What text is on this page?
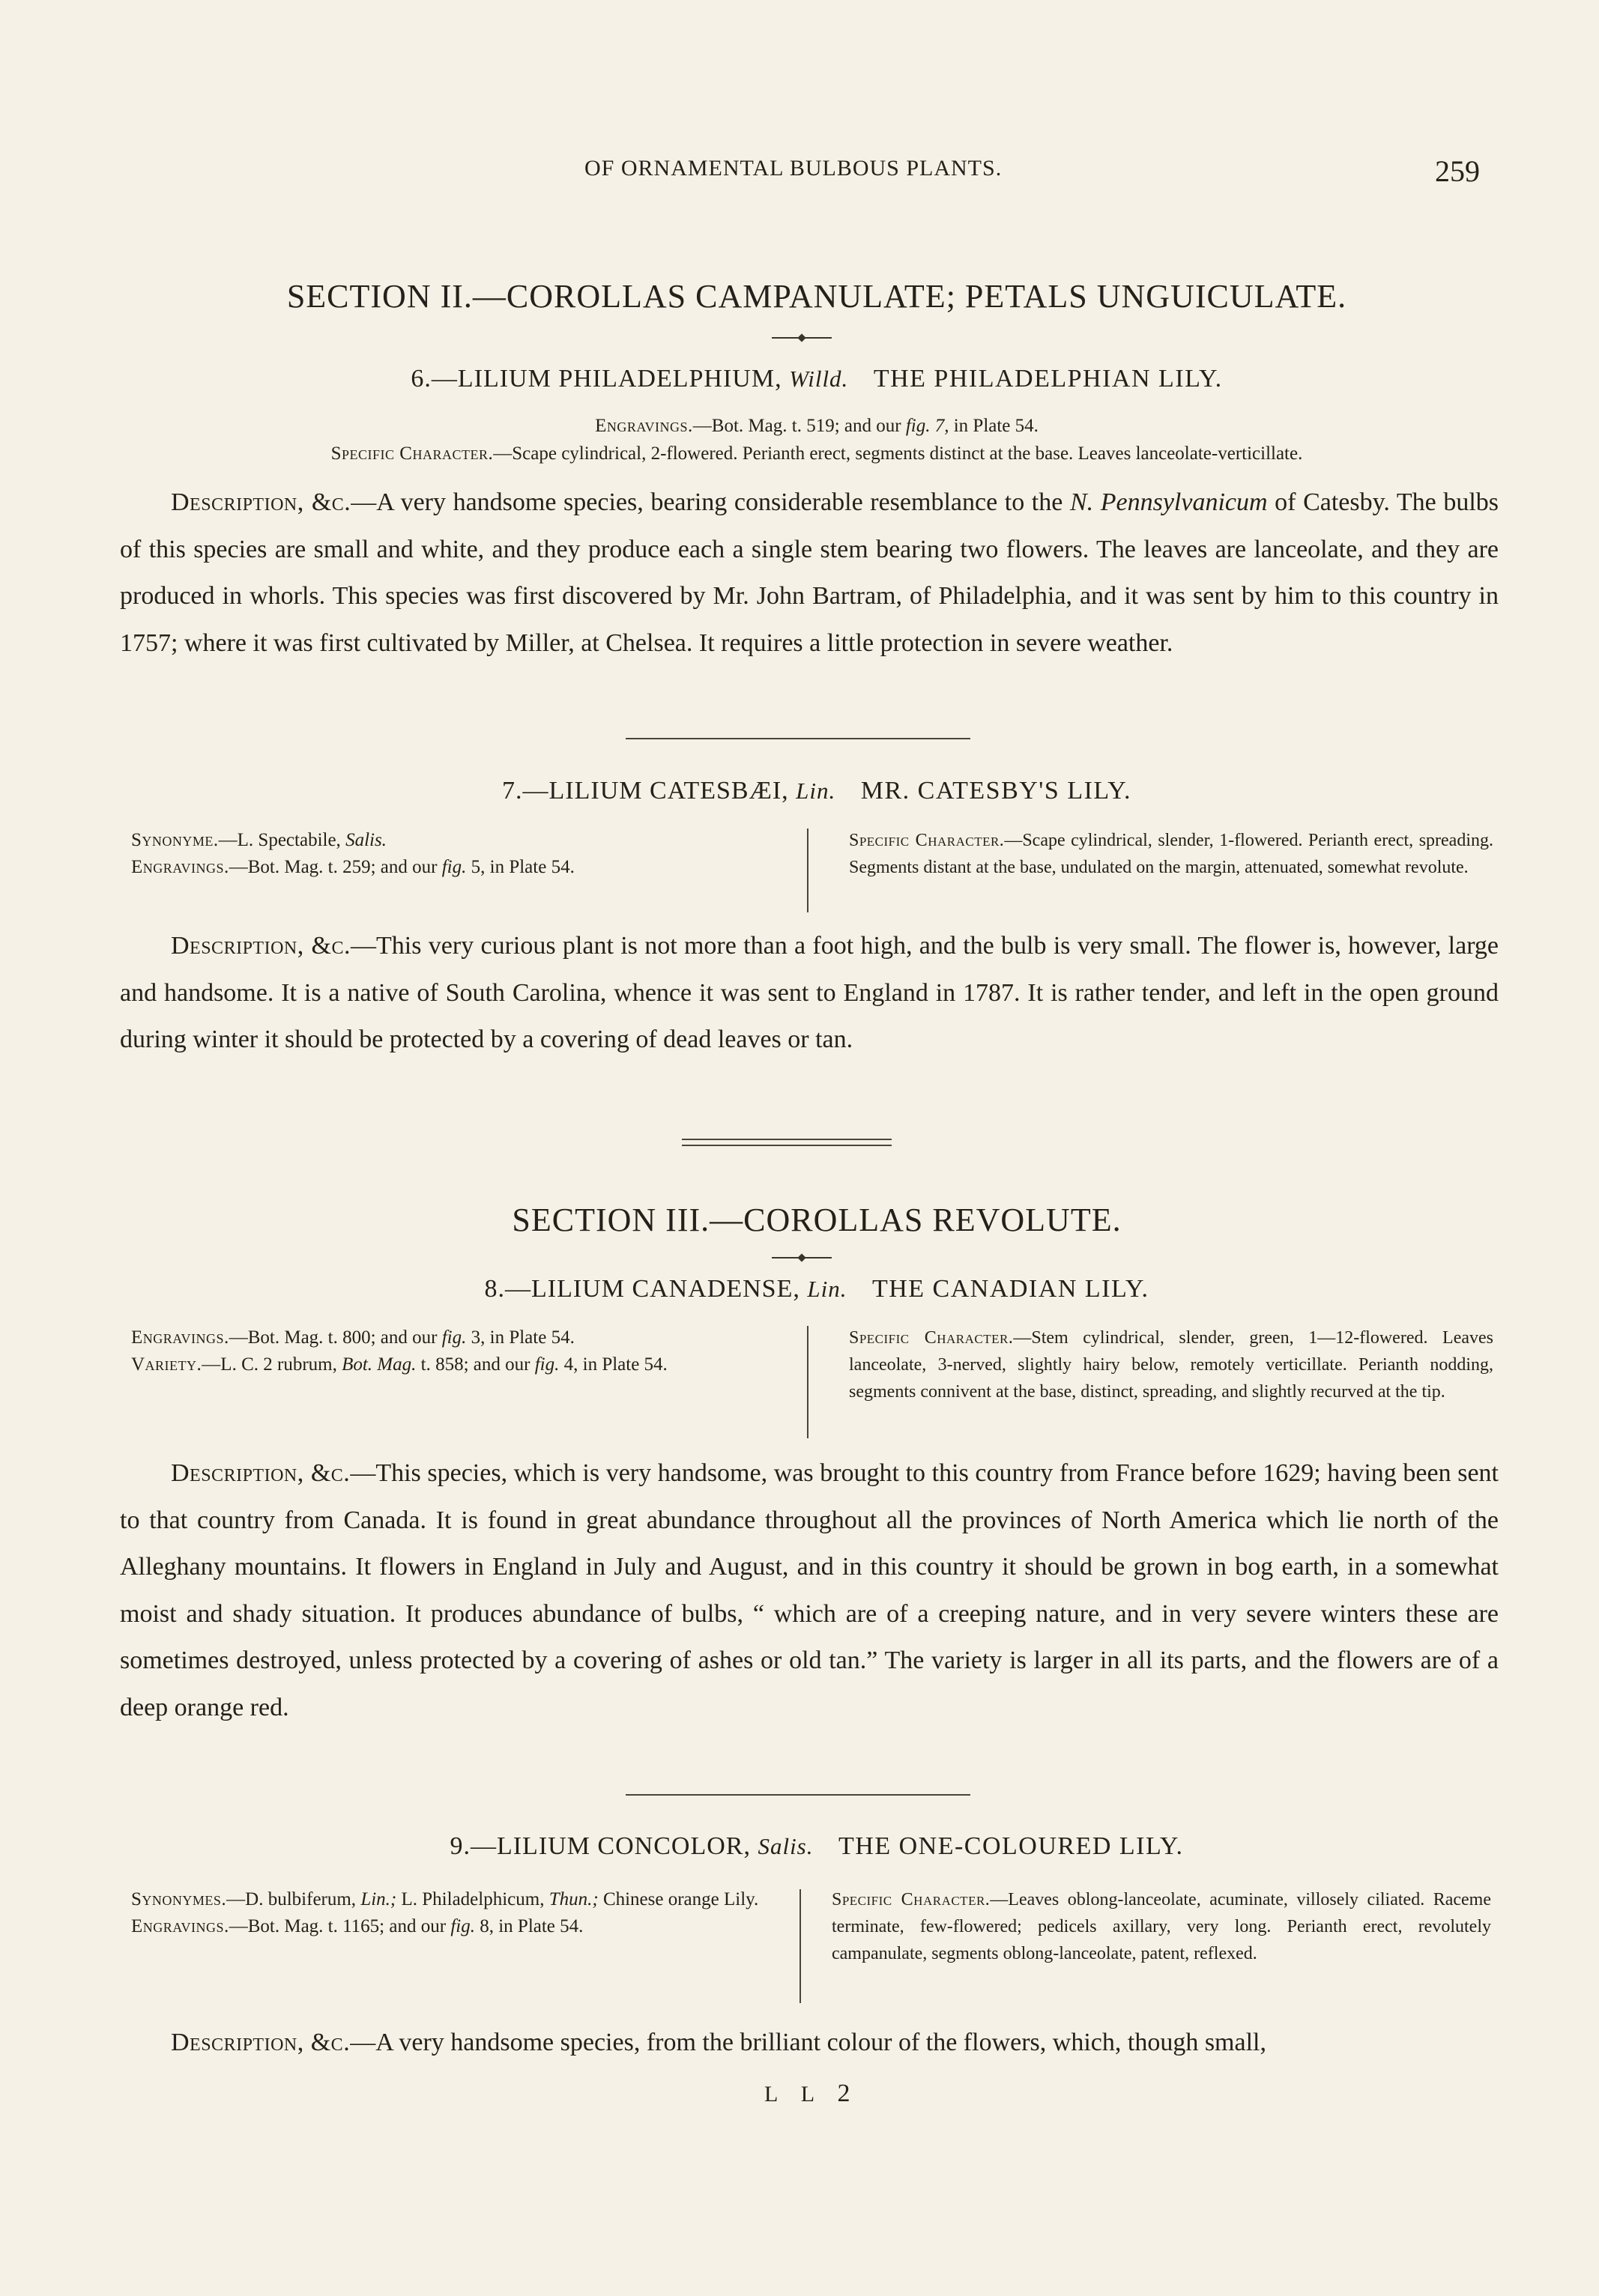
OF ORNAMENTAL BULBOUS PLANTS.	259
SECTION II.—COROLLAS CAMPANULATE; PETALS UNGUICULATE.
6.—LILIUM PHILADELPHIUM, Willd. THE PHILADELPHIAN LILY.
Engravings.—Bot. Mag. t. 519; and our fig. 7, in Plate 54.
Specific Character.—Scape cylindrical, 2-flowered. Perianth erect, segments distinct at the base. Leaves lanceolate-verticillate.
Description, &c.—A very handsome species, bearing considerable resemblance to the N. Pennsylvanicum of Catesby. The bulbs of this species are small and white, and they produce each a single stem bearing two flowers. The leaves are lanceolate, and they are produced in whorls. This species was first discovered by Mr. John Bartram, of Philadelphia, and it was sent by him to this country in 1757; where it was first cultivated by Miller, at Chelsea. It requires a little protection in severe weather.
7.—LILIUM CATESBÆI, Lin. MR. CATESBY'S LILY.
Synonyme.—L. Spectabile, Salis.
Engravings.—Bot. Mag. t. 259; and our fig. 5, in Plate 54.
Specific Character.—Scape cylindrical, slender, 1-flowered. Perianth erect, spreading. Segments distant at the base, undulated on the margin, attenuated, somewhat revolute.
Description, &c.—This very curious plant is not more than a foot high, and the bulb is very small. The flower is, however, large and handsome. It is a native of South Carolina, whence it was sent to England in 1787. It is rather tender, and left in the open ground during winter it should be protected by a covering of dead leaves or tan.
SECTION III.—COROLLAS REVOLUTE.
8.—LILIUM CANADENSE, Lin. THE CANADIAN LILY.
Engravings.—Bot. Mag. t. 800; and our fig. 3, in Plate 54.
Variety.—L. C. 2 rubrum, Bot. Mag. t. 858; and our fig. 4, in Plate 54.
Specific Character.—Stem cylindrical, slender, green, 1—12-flowered. Leaves lanceolate, 3-nerved, slightly hairy below, remotely verticillate. Perianth nodding, segments connivent at the base, distinct, spreading, and slightly recurved at the tip.
Description, &c.—This species, which is very handsome, was brought to this country from France before 1629; having been sent to that country from Canada. It is found in great abundance throughout all the provinces of North America which lie north of the Alleghany mountains. It flowers in England in July and August, and in this country it should be grown in bog earth, in a somewhat moist and shady situation. It produces abundance of bulbs, “ which are of a creeping nature, and in very severe winters these are sometimes destroyed, unless protected by a covering of ashes or old tan.” The variety is larger in all its parts, and the flowers are of a deep orange red.
9.—LILIUM CONCOLOR, Salis. THE ONE-COLOURED LILY.
Synonymes.—D. bulbiferum, Lin.; L. Philadelphicum, Thun.; Chinese orange Lily.
Engravings.—Bot. Mag. t. 1165; and our fig. 8, in Plate 54.
Specific Character.—Leaves oblong-lanceolate, acuminate, villosely ciliated. Raceme terminate, few-flowered; pedicels axillary, very long. Perianth erect, revolutely campanulate, segments oblong-lanceolate, patent, reflexed.
Description, &c.—A very handsome species, from the brilliant colour of the flowers, which, though small,
L L 2
